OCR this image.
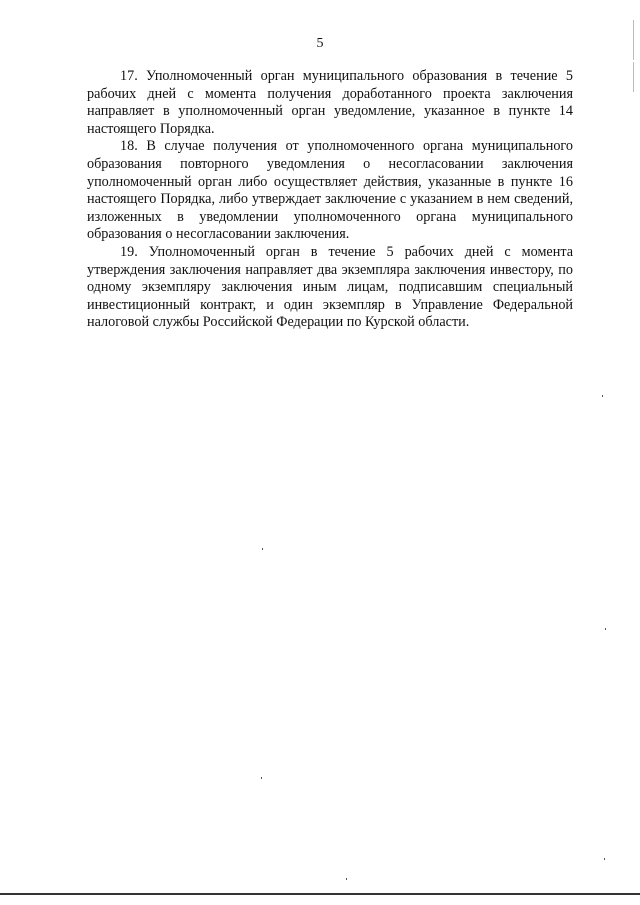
5

17. Уполномоченный орган муниципального образования в течение 5 рабочих дней с момента получения доработанного проекта заключения направляет в уполномоченный орган уведомление, указанное в пункте 14 настоящего Порядка.

18. В случае получения от уполномоченного органа муниципального образования повторного уведомления о несогласовании заключения уполномоченный орган либо осуществляет действия, указанные в пункте 16 настоящего Порядка, либо утверждает заключение с указанием в нем сведений, изложенных в уведомлении уполномоченного органа муниципального образования о несогласовании заключения.

19. Уполномоченный орган в течение 5 рабочих дней с момента утверждения заключения направляет два экземпляра заключения инвестору, по одному экземпляру заключения иным лицам, подписавшим специальный инвестиционный контракт, и один экземпляр в Управление Федеральной налоговой службы Российской Федерации по Курской области.
